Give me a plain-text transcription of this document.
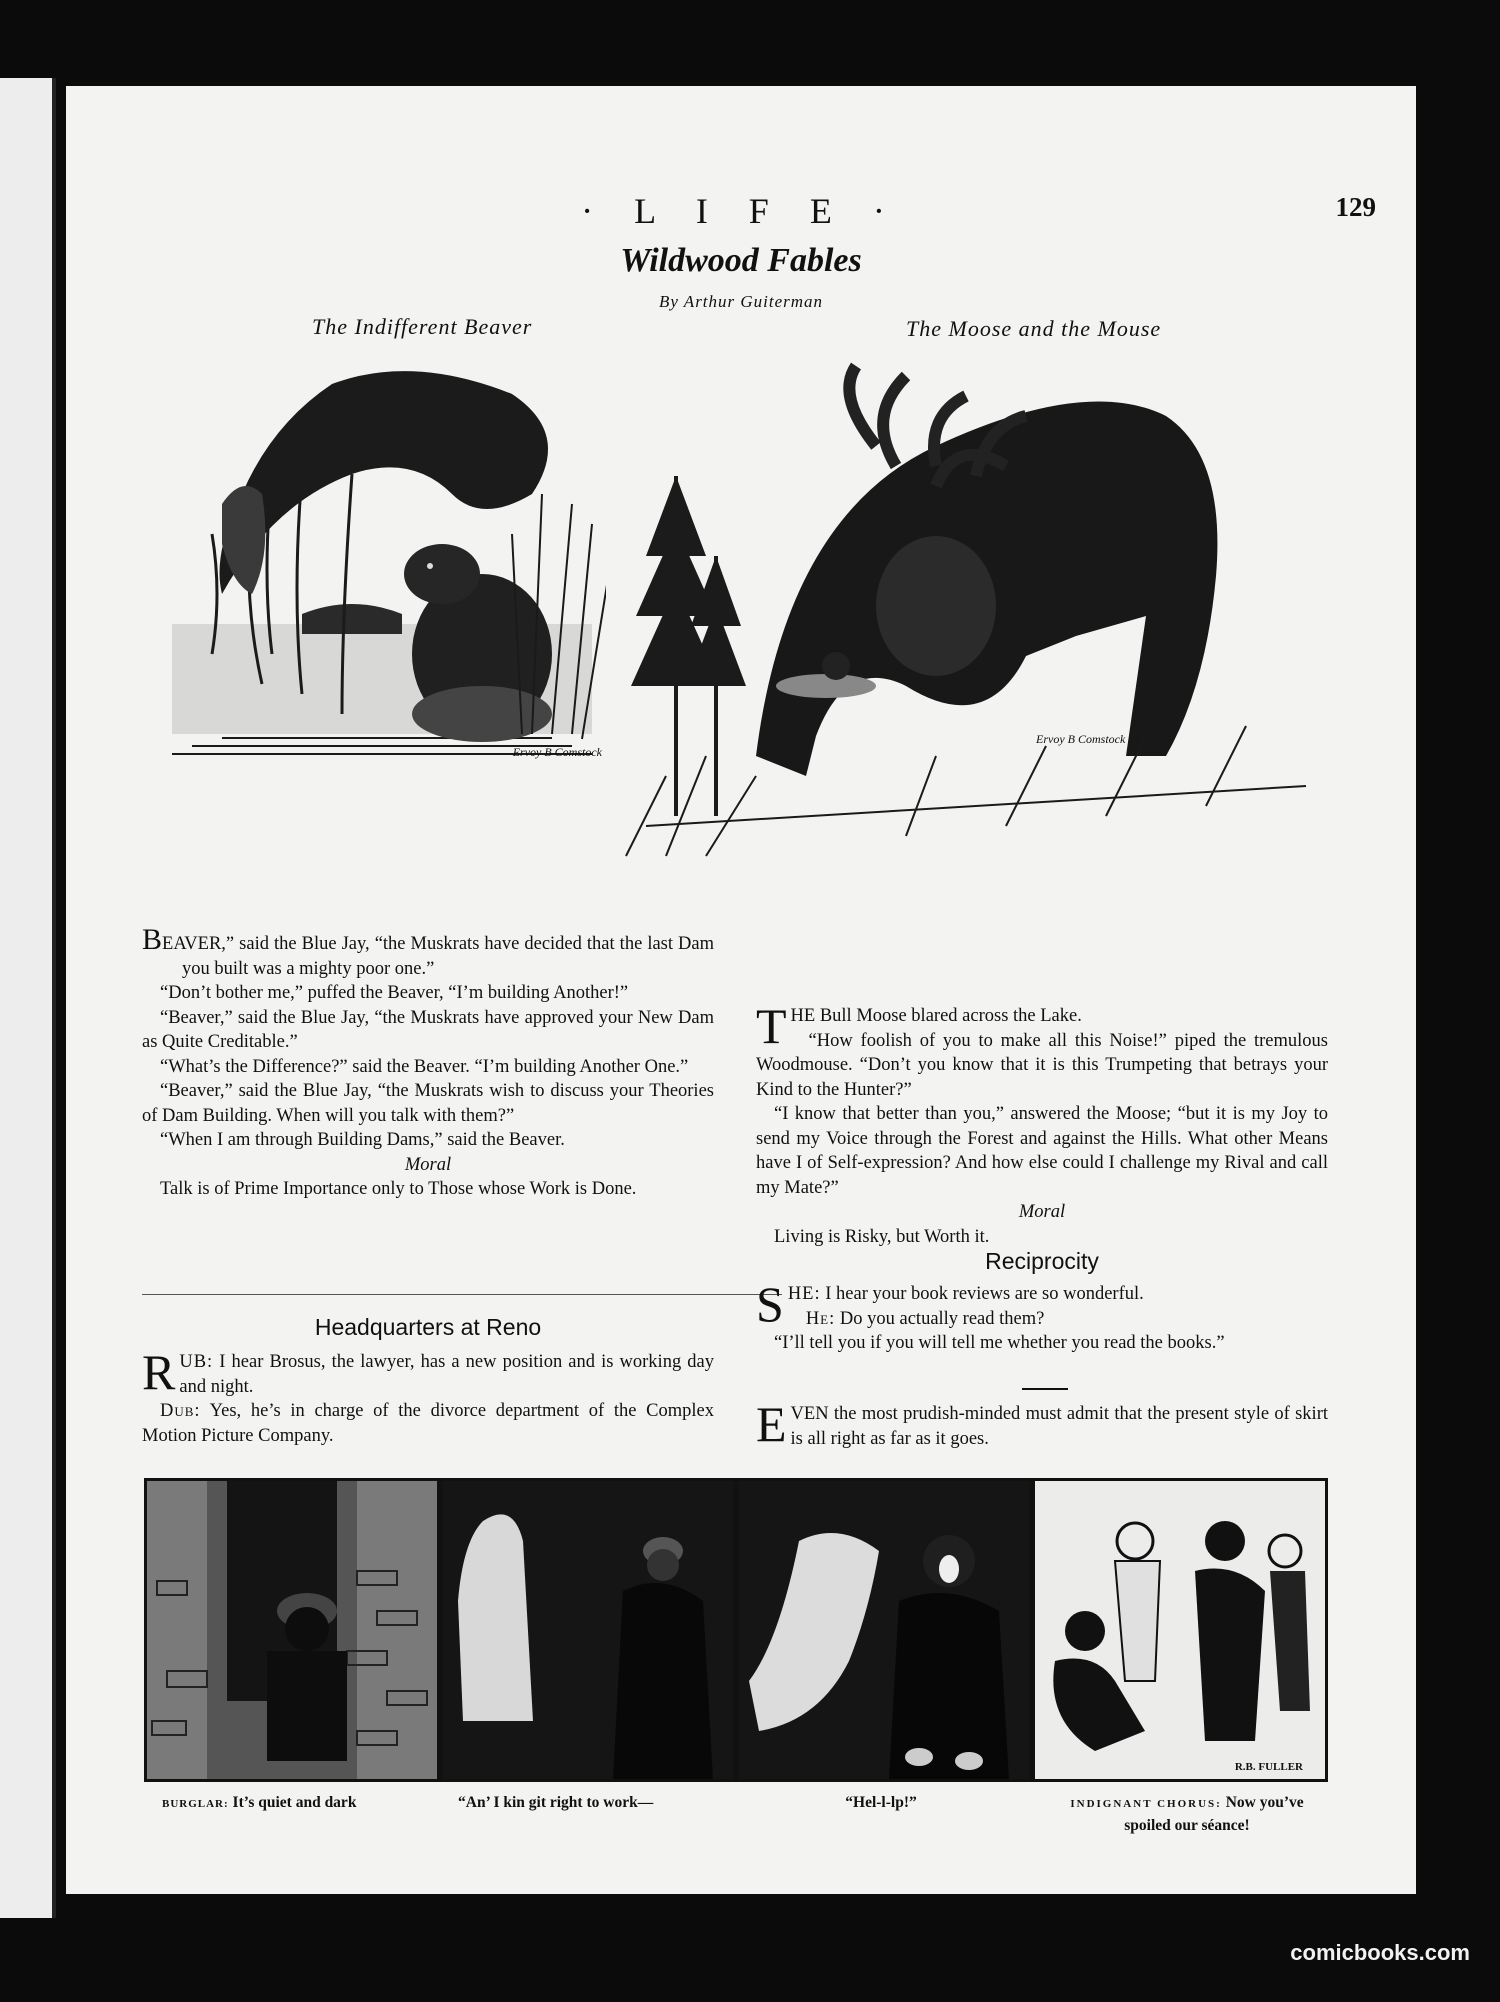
· L I F E ·	129
Wildwood Fables
By Arthur Guiterman
The Indifferent Beaver	The Moose and the Mouse
Ervoy B Comstock
Ervoy B Comstock

BEAVER,” said the Blue Jay, “the Muskrats have decided that the last Dam you built was a mighty poor one.”

“Don’t bother me,” puffed the Beaver, “I’m building Another!”

“Beaver,” said the Blue Jay, “the Muskrats have approved your New Dam as Quite Creditable.”

“What’s the Difference?” said the Beaver. “I’m building Another One.”

“Beaver,” said the Blue Jay, “the Muskrats wish to discuss your Theories of Dam Building. When will you talk with them?”

“When I am through Building Dams,” said the Beaver.

Moral

Talk is of Prime Importance only to Those whose Work is Done.

Headquarters at Reno

RUB: I hear Brosus, the lawyer, has a new position and is working day and night.

Dub: Yes, he’s in charge of the divorce department of the Complex Motion Picture Company.

THE Bull Moose blared across the Lake.

“How foolish of you to make all this Noise!” piped the tremulous Woodmouse. “Don’t you know that it is this Trumpeting that betrays your Kind to the Hunter?”

“I know that better than you,” answered the Moose; “but it is my Joy to send my Voice through the Forest and against the Hills. What other Means have I of Self-expression? And how else could I challenge my Rival and call my Mate?”

Moral

Living is Risky, but Worth it.

Reciprocity

SHE: I hear your book reviews are so wonderful.

He: Do you actually read them?

“I’ll tell you if you will tell me whether you read the books.”

EVEN the most prudish-minded must admit that the present style of skirt is all right as far as it goes.

R.B. FULLER
BURGLAR: It’s quiet and dark	“An’ I kin git right to work—	“Hel-l-lp!”	INDIGNANT CHORUS: Now you’ve spoiled our séance!
comicbooks.com
